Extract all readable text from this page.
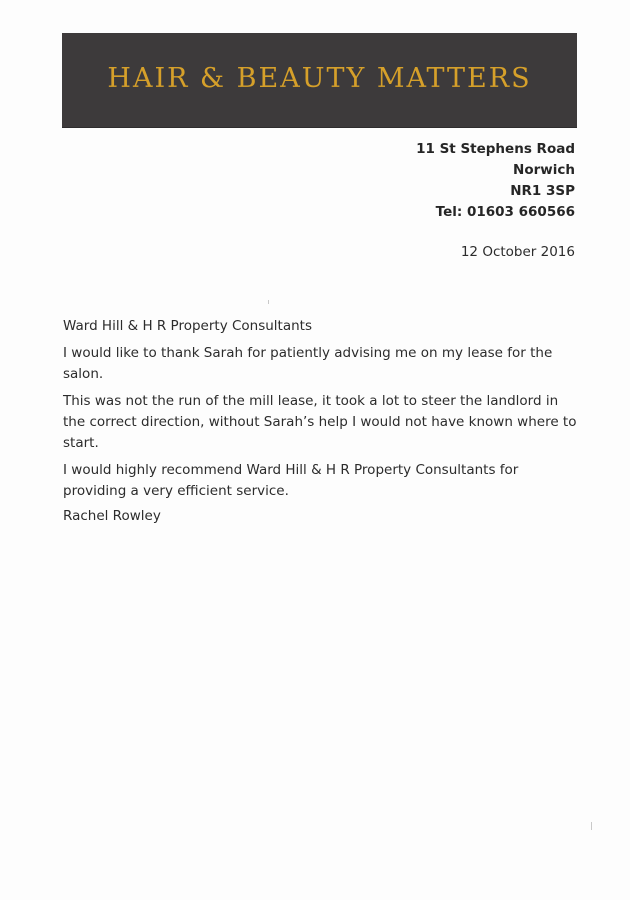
HAIR & BEAUTY MATTERS
11 St Stephens Road
Norwich
NR1 3SP
Tel: 01603 660566
12 October 2016

Ward Hill & H R Property Consultants

I would like to thank Sarah for patiently advising me on my lease for the salon.

This was not the run of the mill lease, it took a lot to steer the landlord in the correct direction, without Sarah’s help I would not have known where to start.

I would highly recommend Ward Hill & H R Property Consultants for providing a very efficient service.

Rachel Rowley
